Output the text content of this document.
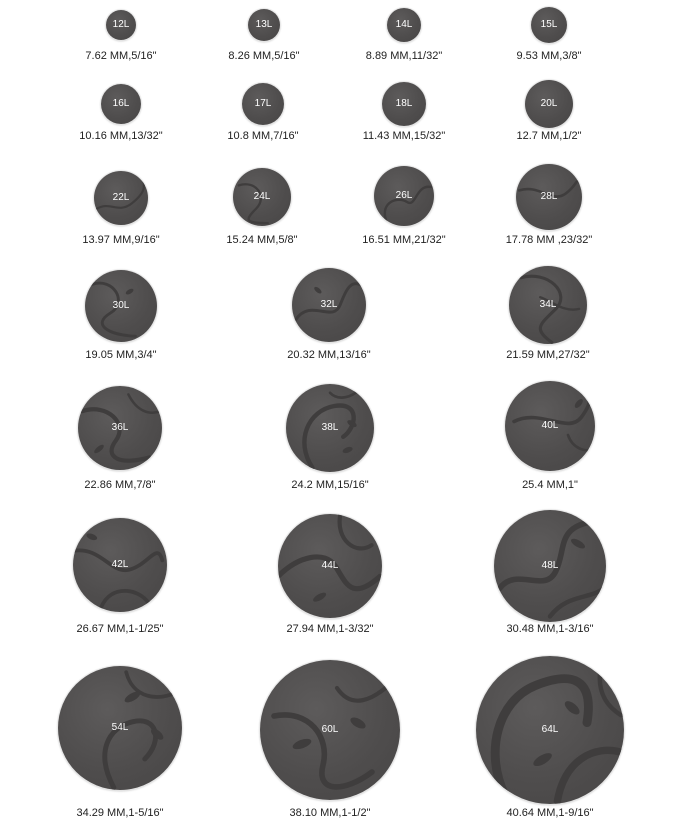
12L
7.62 MM,5/16"
13L
8.26 MM,5/16"
14L
8.89 MM,11/32"
15L
9.53 MM,3/8"
16L
10.16 MM,13/32"
17L
10.8 MM,7/16"
18L
11.43 MM,15/32"
20L
12.7 MM,1/2"
22L
13.97 MM,9/16"
24L
15.24 MM,5/8"
26L
16.51 MM,21/32"
28L
17.78 MM ,23/32"
30L
19.05 MM,3/4"
32L
20.32 MM,13/16"
34L
21.59 MM,27/32"
36L
22.86 MM,7/8"
38L
24.2 MM,15/16"
40L
25.4 MM,1"
42L
26.67 MM,1-1/25"
44L
27.94 MM,1-3/32"
48L
30.48 MM,1-3/16"
54L
34.29 MM,1-5/16"
60L
38.10 MM,1-1/2"
64L
40.64 MM,1-9/16"
